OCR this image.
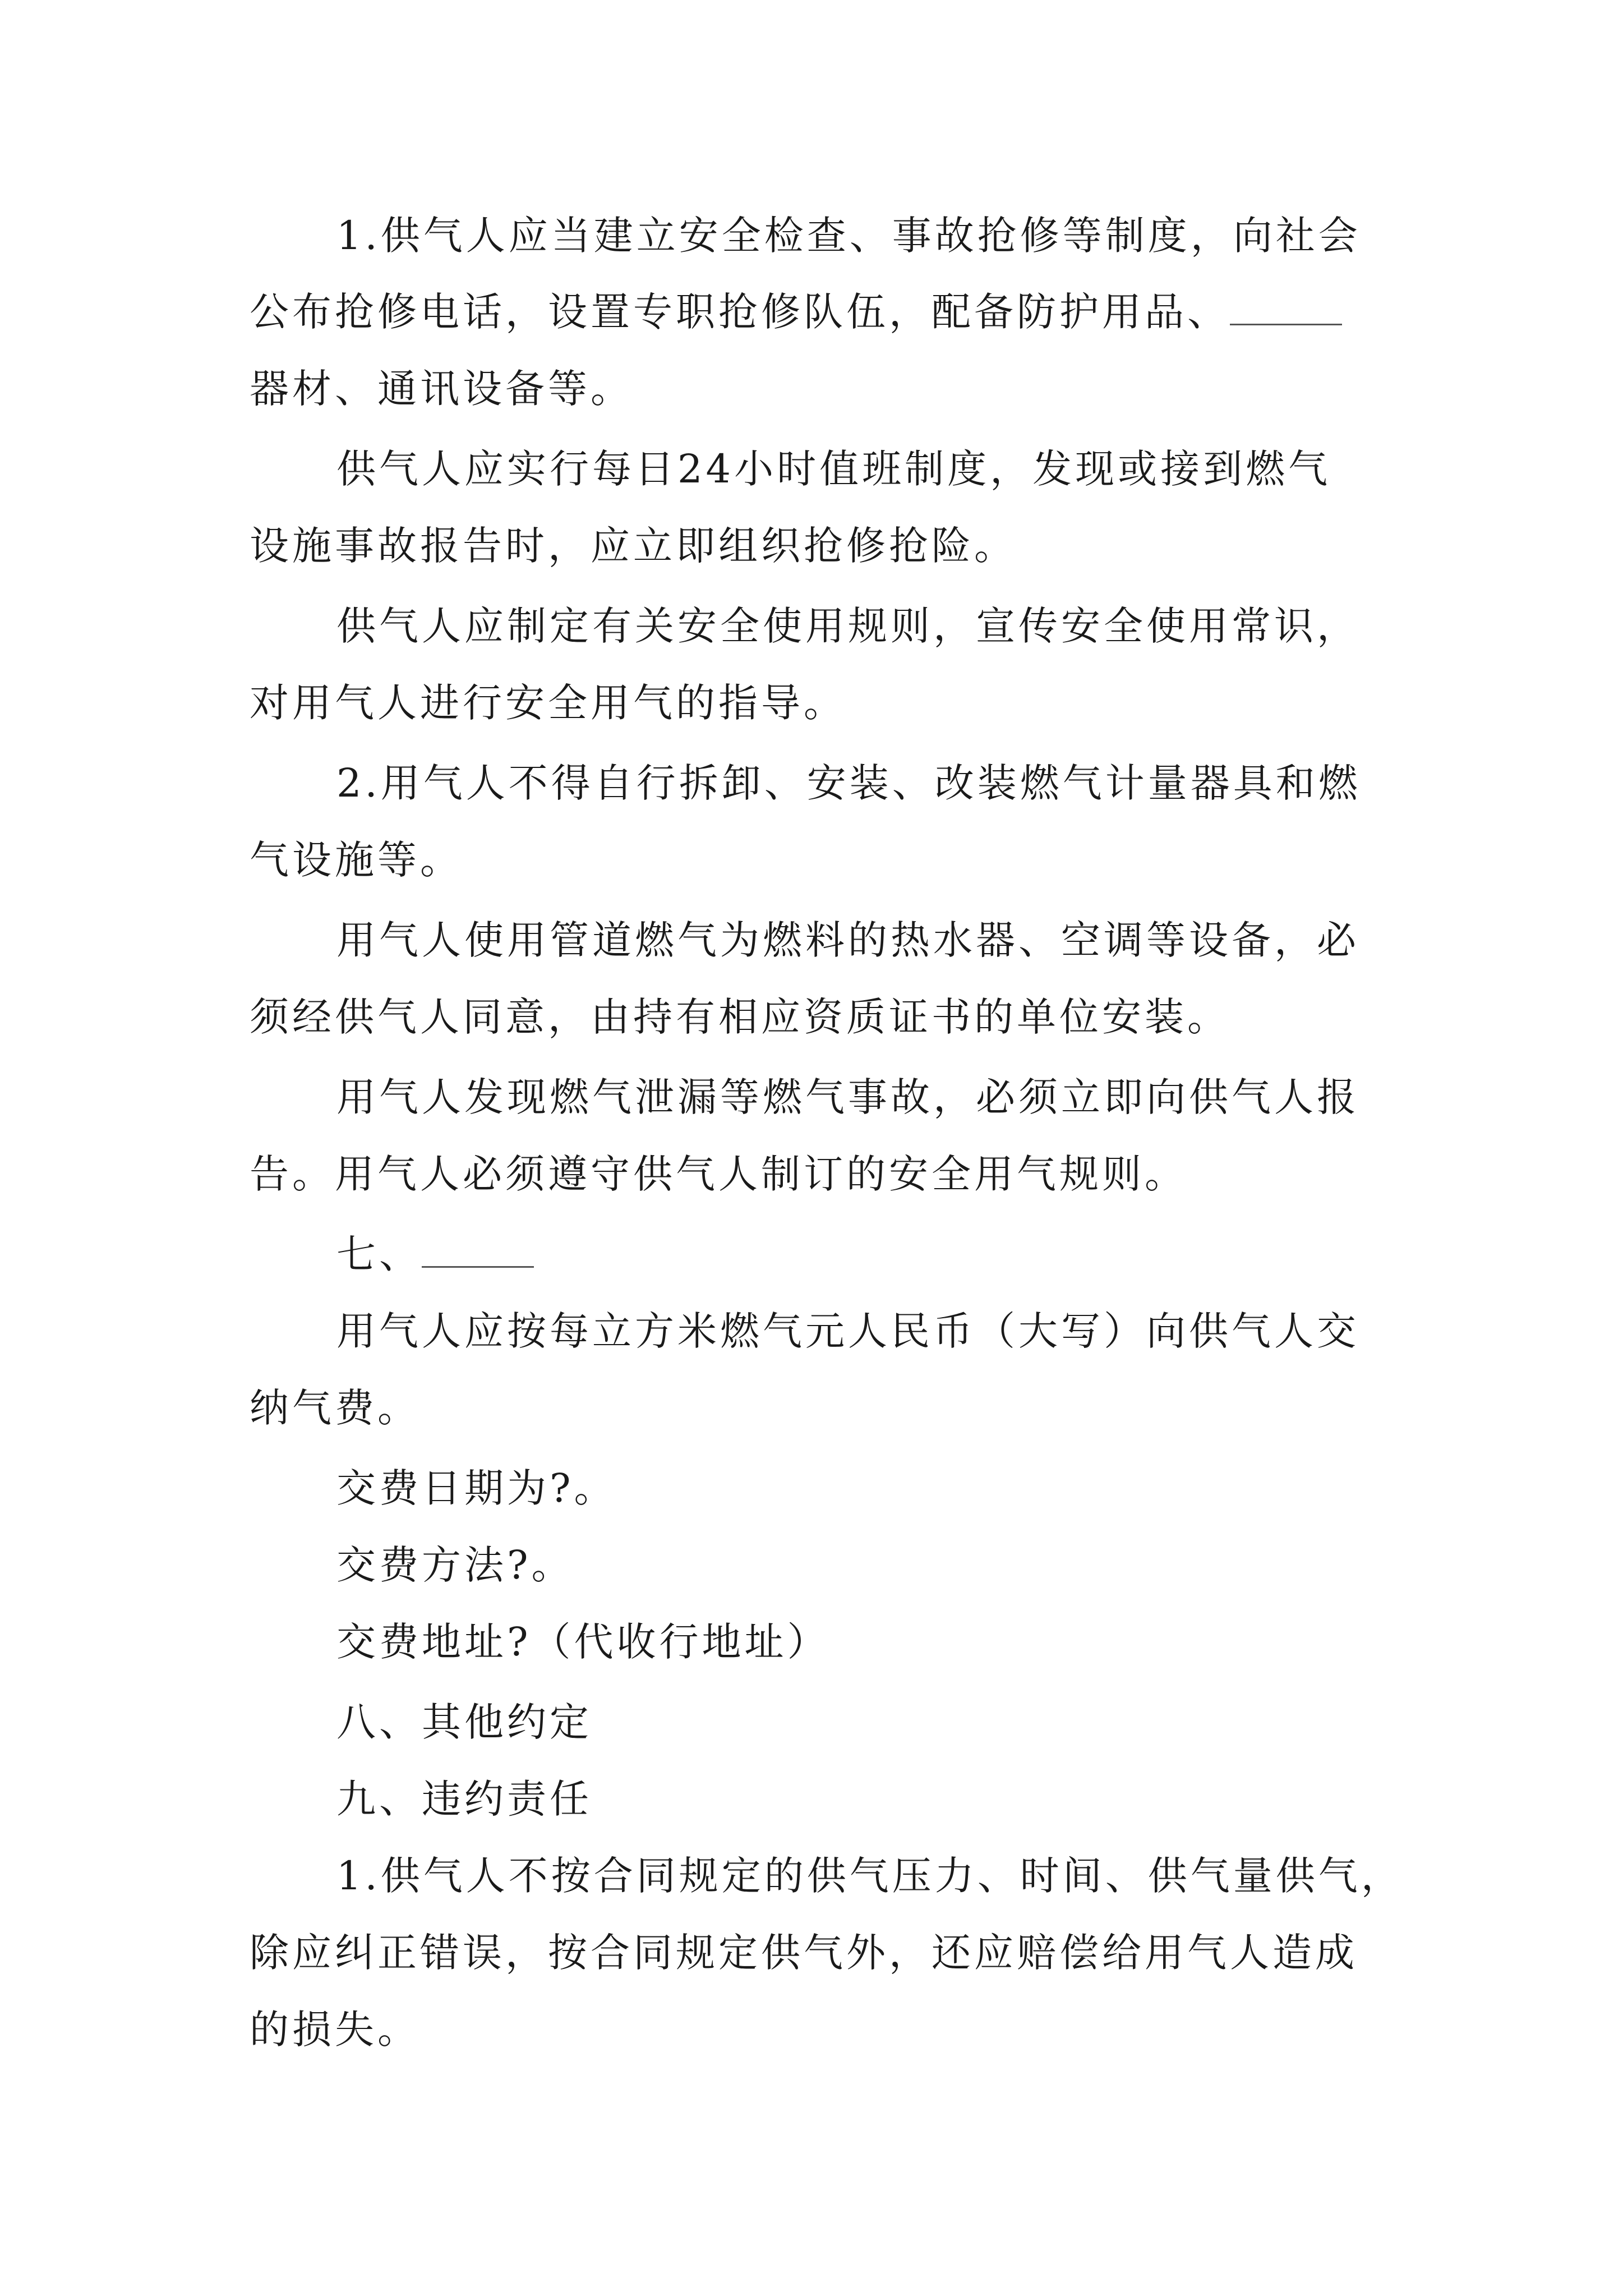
1.供气人应当建立安全检查、事故抢修等制度，向社会
公布抢修电话，设置专职抢修队伍，配备防护用品、
器材、通讯设备等。
供气人应实行每日24小时值班制度，发现或接到燃气
设施事故报告时，应立即组织抢修抢险。
供气人应制定有关安全使用规则，宣传安全使用常识，
对用气人进行安全用气的指导。
2.用气人不得自行拆卸、安装、改装燃气计量器具和燃
气设施等。
用气人使用管道燃气为燃料的热水器、空调等设备，必
须经供气人同意，由持有相应资质证书的单位安装。
用气人发现燃气泄漏等燃气事故，必须立即向供气人报
告。用气人必须遵守供气人制订的安全用气规则。
七、
用气人应按每立方米燃气元人民币（大写）向供气人交
纳气费。
交费日期为?。
交费方法?。
交费地址?（代收行地址）
八、其他约定
九、违约责任
1.供气人不按合同规定的供气压力、时间、供气量供气，
除应纠正错误，按合同规定供气外，还应赔偿给用气人造成
的损失。
